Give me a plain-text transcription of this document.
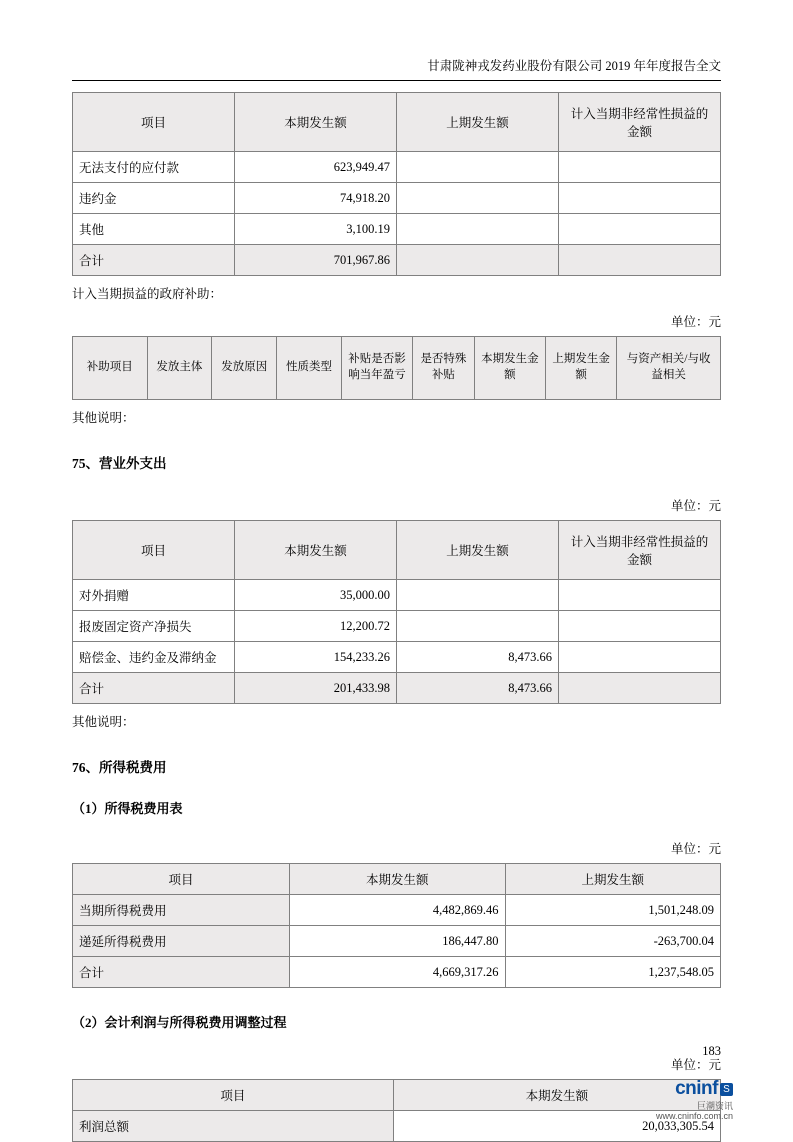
甘肃陇神戎发药业股份有限公司 2019 年年度报告全文
项目	本期发生额	上期发生额	计入当期非经常性损益的金额
无法支付的应付款	623,949.47		
违约金	74,918.20		
其他	3,100.19		
合计	701,967.86		
计入当期损益的政府补助：
单位：元
补助项目	发放主体	发放原因	性质类型	补贴是否影响当年盈亏	是否特殊补贴	本期发生金额	上期发生金额	与资产相关/与收益相关
其他说明：
75、营业外支出
单位：元
项目	本期发生额	上期发生额	计入当期非经常性损益的金额
对外捐赠	35,000.00		
报废固定资产净损失	12,200.72		
赔偿金、违约金及滞纳金	154,233.26	8,473.66	
合计	201,433.98	8,473.66	
其他说明：
76、所得税费用
（1）所得税费用表
单位：元
项目	本期发生额	上期发生额
当期所得税费用	4,482,869.46	1,501,248.09
递延所得税费用	186,447.80	-263,700.04
合计	4,669,317.26	1,237,548.05
（2）会计利润与所得税费用调整过程
单位：元
项目	本期发生额
利润总额	20,033,305.54
183
cninf S
巨潮资讯
www.cninfo.com.cn
